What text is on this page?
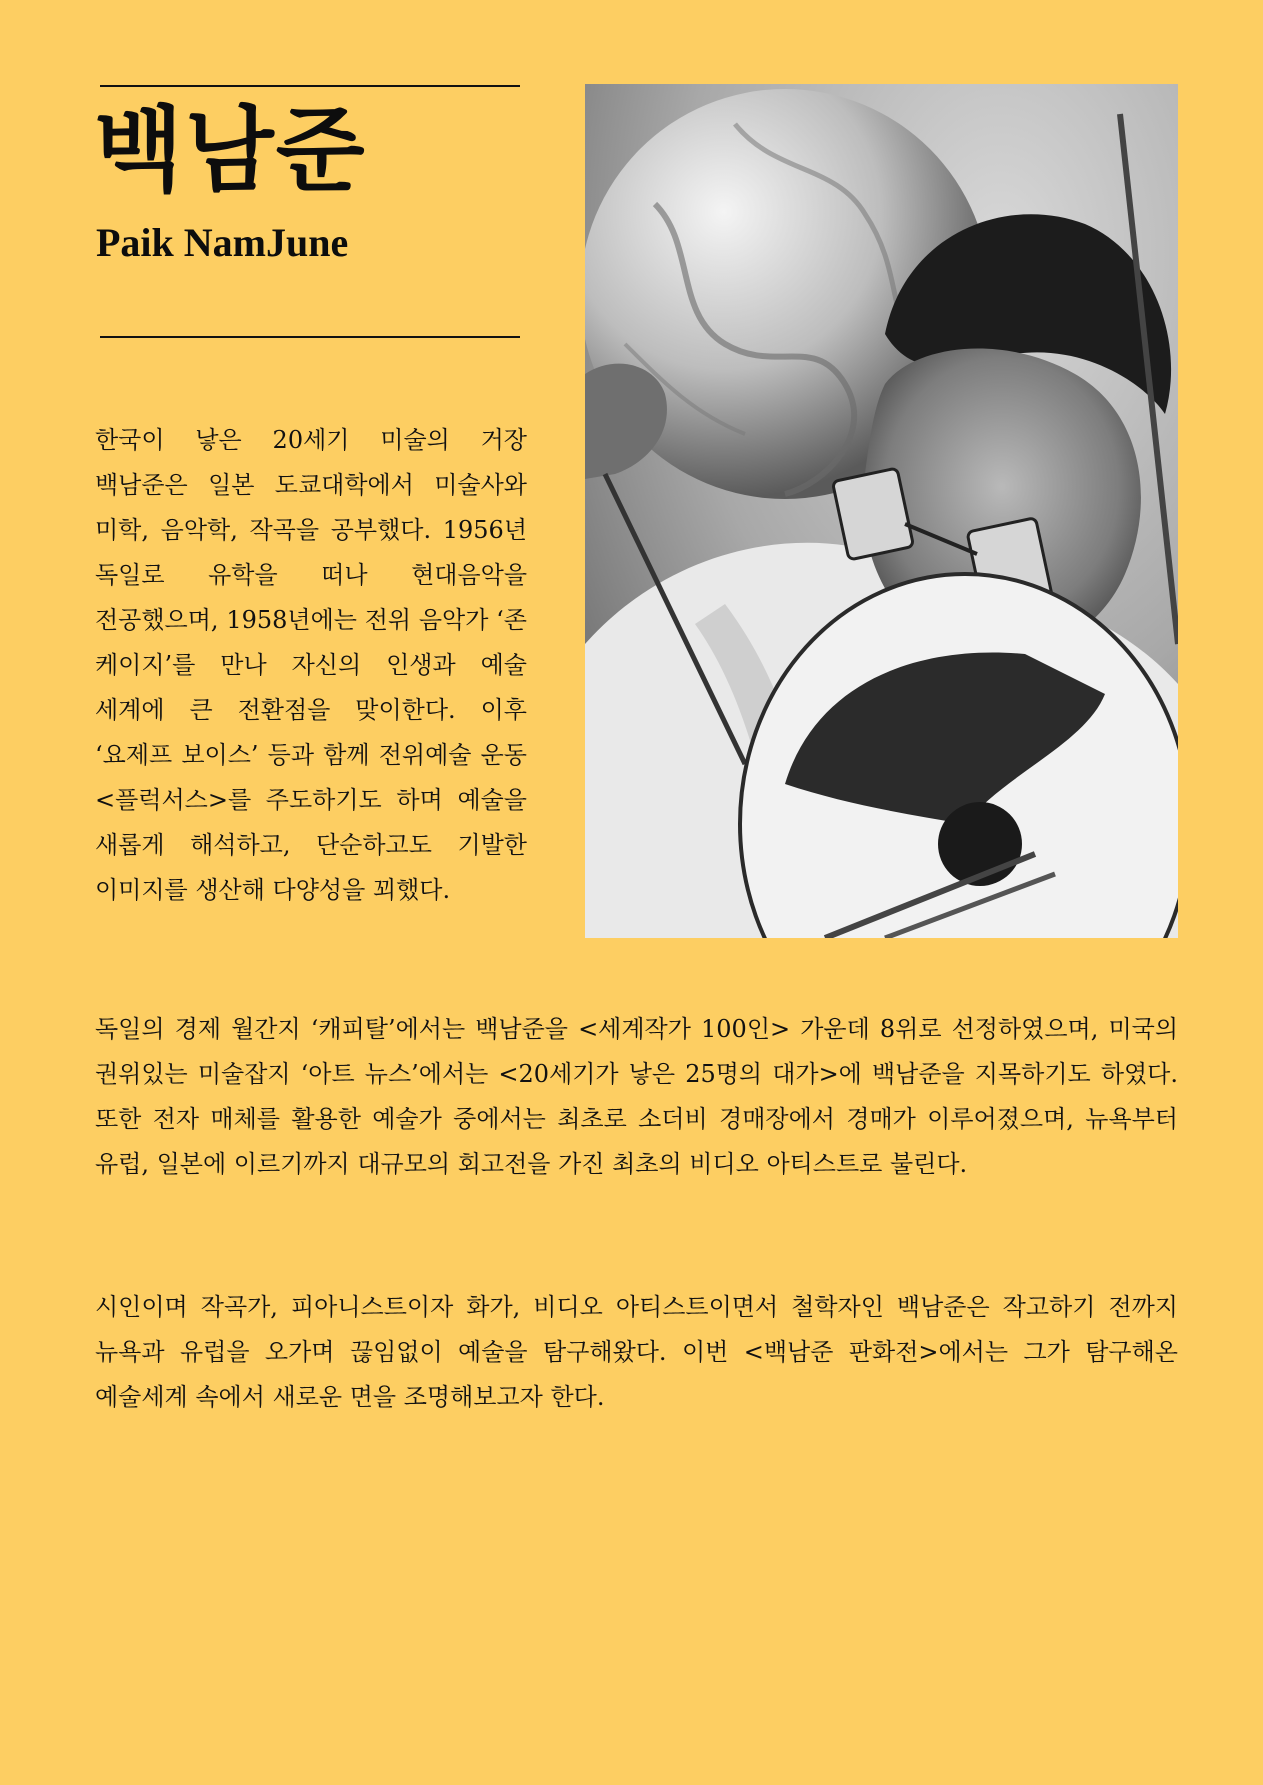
백남준
Paik NamJune
한국이 낳은 20세기 미술의 거장 백남준은 일본 도쿄대학에서 미술사와 미학, 음악학, 작곡을 공부했다. 1956년 독일로 유학을 떠나 현대음악을 전공했으며, 1958년에는 전위 음악가 ‘존 케이지’를 만나 자신의 인생과 예술 세계에 큰 전환점을 맞이한다. 이후 ‘요제프 보이스’ 등과 함께 전위예술 운동 <플럭서스>를 주도하기도 하며 예술을 새롭게 해석하고, 단순하고도 기발한 이미지를 생산해 다양성을 꾀했다.
독일의 경제 월간지 ‘캐피탈’에서는 백남준을 <세계작가 100인> 가운데 8위로 선정하였으며, 미국의 권위있는 미술잡지 ‘아트 뉴스’에서는 <20세기가 낳은 25명의 대가>에 백남준을 지목하기도 하였다. 또한 전자 매체를 활용한 예술가 중에서는 최초로 소더비 경매장에서 경매가 이루어졌으며, 뉴욕부터 유럽, 일본에 이르기까지 대규모의 회고전을 가진 최초의 비디오 아티스트로 불린다.
시인이며 작곡가, 피아니스트이자 화가, 비디오 아티스트이면서 철학자인 백남준은 작고하기 전까지 뉴욕과 유럽을 오가며 끊임없이 예술을 탐구해왔다. 이번 <백남준 판화전>에서는 그가 탐구해온 예술세계 속에서 새로운 면을 조명해보고자 한다.
